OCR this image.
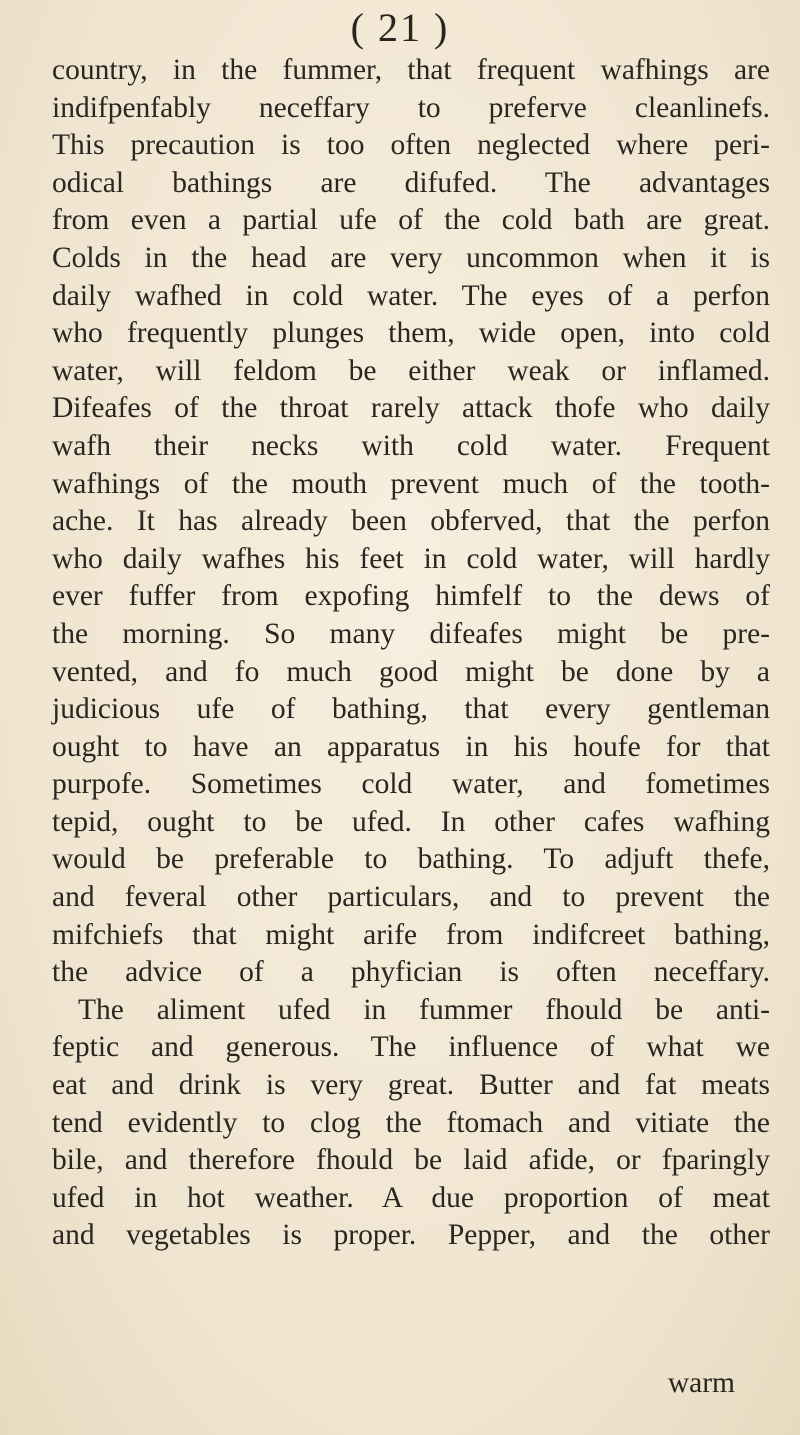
( 21 )
country, in the fummer, that frequent wafhings are
indifpenfably neceffary to preferve cleanlinefs.
This precaution is too often neglected where peri-
odical bathings are difufed. The advantages
from even a partial ufe of the cold bath are great.
Colds in the head are very uncommon when it is
daily wafhed in cold water. The eyes of a perfon
who frequently plunges them, wide open, into cold
water, will feldom be either weak or inflamed.
Difeafes of the throat rarely attack thofe who daily
wafh their necks with cold water. Frequent
wafhings of the mouth prevent much of the tooth-
ache. It has already been obferved, that the perfon
who daily wafhes his feet in cold water, will hardly
ever fuffer from expofing himfelf to the dews of
the morning. So many difeafes might be pre-
vented, and fo much good might be done by a
judicious ufe of bathing, that every gentleman
ought to have an apparatus in his houfe for that
purpofe. Sometimes cold water, and fometimes
tepid, ought to be ufed. In other cafes wafhing
would be preferable to bathing. To adjuft thefe,
and feveral other particulars, and to prevent the
mifchiefs that might arife from indifcreet bathing,
the advice of a phyfician is often neceffary.
The aliment ufed in fummer fhould be anti-
feptic and generous. The influence of what we
eat and drink is very great. Butter and fat meats
tend evidently to clog the ftomach and vitiate the
bile, and therefore fhould be laid afide, or fparingly
ufed in hot weather. A due proportion of meat
and vegetables is proper. Pepper, and the other
warm
